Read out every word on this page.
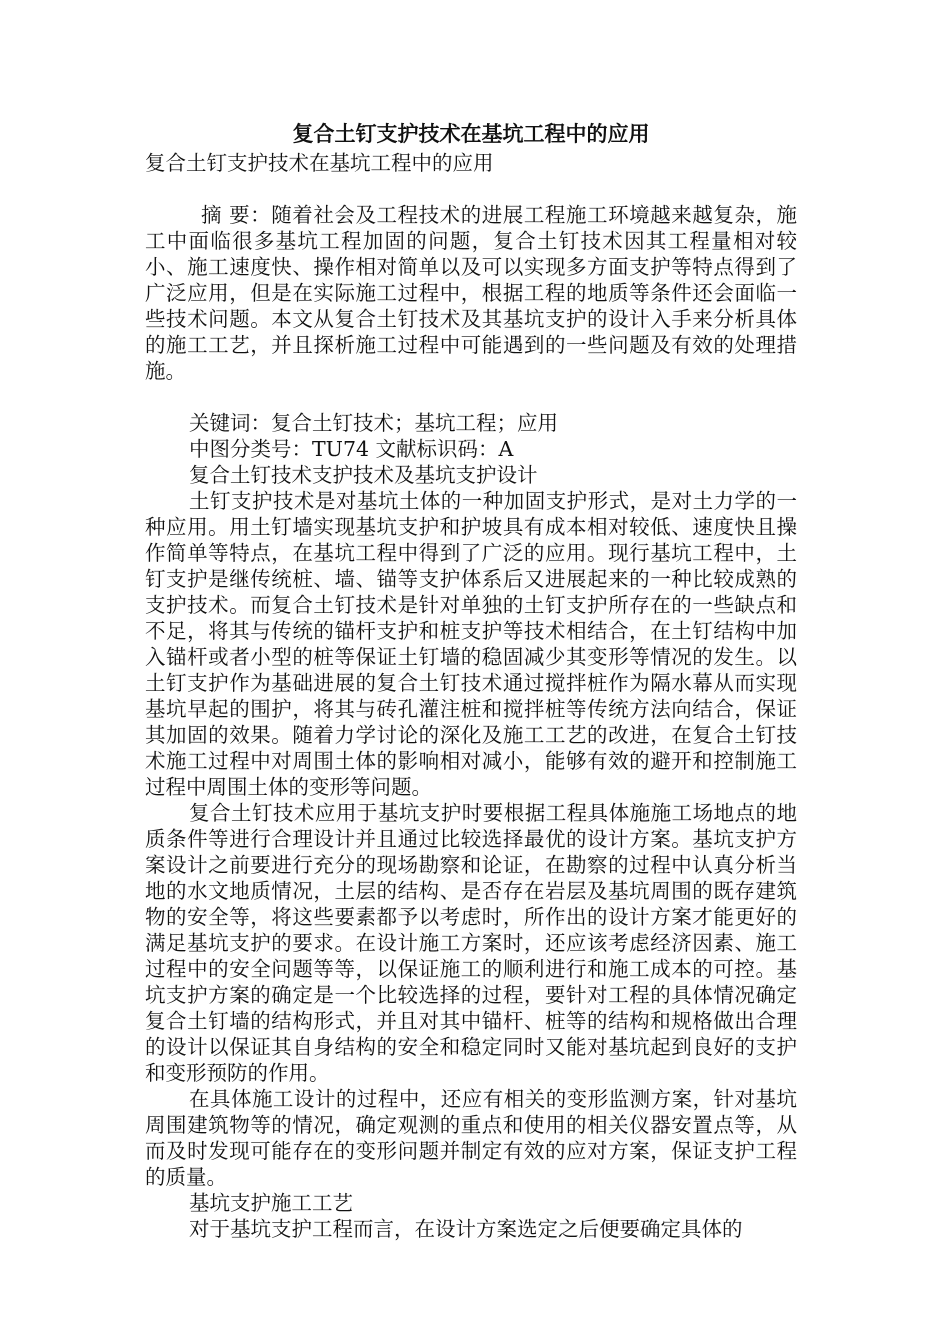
复合土钉支护技术在基坑工程中的应用

复合土钉支护技术在基坑工程中的应用

摘 要：随着社会及工程技术的进展工程施工环境越来越复杂，施工中面临很多基坑工程加固的问题，复合土钉技术因其工程量相对较小、施工速度快、操作相对简单以及可以实现多方面支护等特点得到了广泛应用，但是在实际施工过程中，根据工程的地质等条件还会面临一些技术问题。本文从复合土钉技术及其基坑支护的设计入手来分析具体的施工工艺，并且探析施工过程中可能遇到的一些问题及有效的处理措施。

关键词：复合土钉技术；基坑工程；应用

中图分类号：TU74 文献标识码：A

复合土钉技术支护技术及基坑支护设计

土钉支护技术是对基坑土体的一种加固支护形式，是对土力学的一种应用。用土钉墙实现基坑支护和护坡具有成本相对较低、速度快且操作简单等特点，在基坑工程中得到了广泛的应用。现行基坑工程中，土钉支护是继传统桩、墙、锚等支护体系后又进展起来的一种比较成熟的支护技术。而复合土钉技术是针对单独的土钉支护所存在的一些缺点和不足，将其与传统的锚杆支护和桩支护等技术相结合，在土钉结构中加入锚杆或者小型的桩等保证土钉墙的稳固减少其变形等情况的发生。以土钉支护作为基础进展的复合土钉技术通过搅拌桩作为隔水幕从而实现基坑早起的围护，将其与砖孔灌注桩和搅拌桩等传统方法向结合，保证其加固的效果。随着力学讨论的深化及施工工艺的改进，在复合土钉技术施工过程中对周围土体的影响相对减小，能够有效的避开和控制施工过程中周围土体的变形等问题。

复合土钉技术应用于基坑支护时要根据工程具体施施工场地点的地质条件等进行合理设计并且通过比较选择最优的设计方案。基坑支护方案设计之前要进行充分的现场勘察和论证，在勘察的过程中认真分析当地的水文地质情况，土层的结构、是否存在岩层及基坑周围的既存建筑物的安全等，将这些要素都予以考虑时，所作出的设计方案才能更好的满足基坑支护的要求。在设计施工方案时，还应该考虑经济因素、施工过程中的安全问题等等，以保证施工的顺利进行和施工成本的可控。基坑支护方案的确定是一个比较选择的过程，要针对工程的具体情况确定复合土钉墙的结构形式，并且对其中锚杆、桩等的结构和规格做出合理的设计以保证其自身结构的安全和稳定同时又能对基坑起到良好的支护和变形预防的作用。

在具体施工设计的过程中，还应有相关的变形监测方案，针对基坑周围建筑物等的情况，确定观测的重点和使用的相关仪器安置点等，从而及时发现可能存在的变形问题并制定有效的应对方案，保证支护工程的质量。

基坑支护施工工艺

对于基坑支护工程而言，在设计方案选定之后便要确定具体的
